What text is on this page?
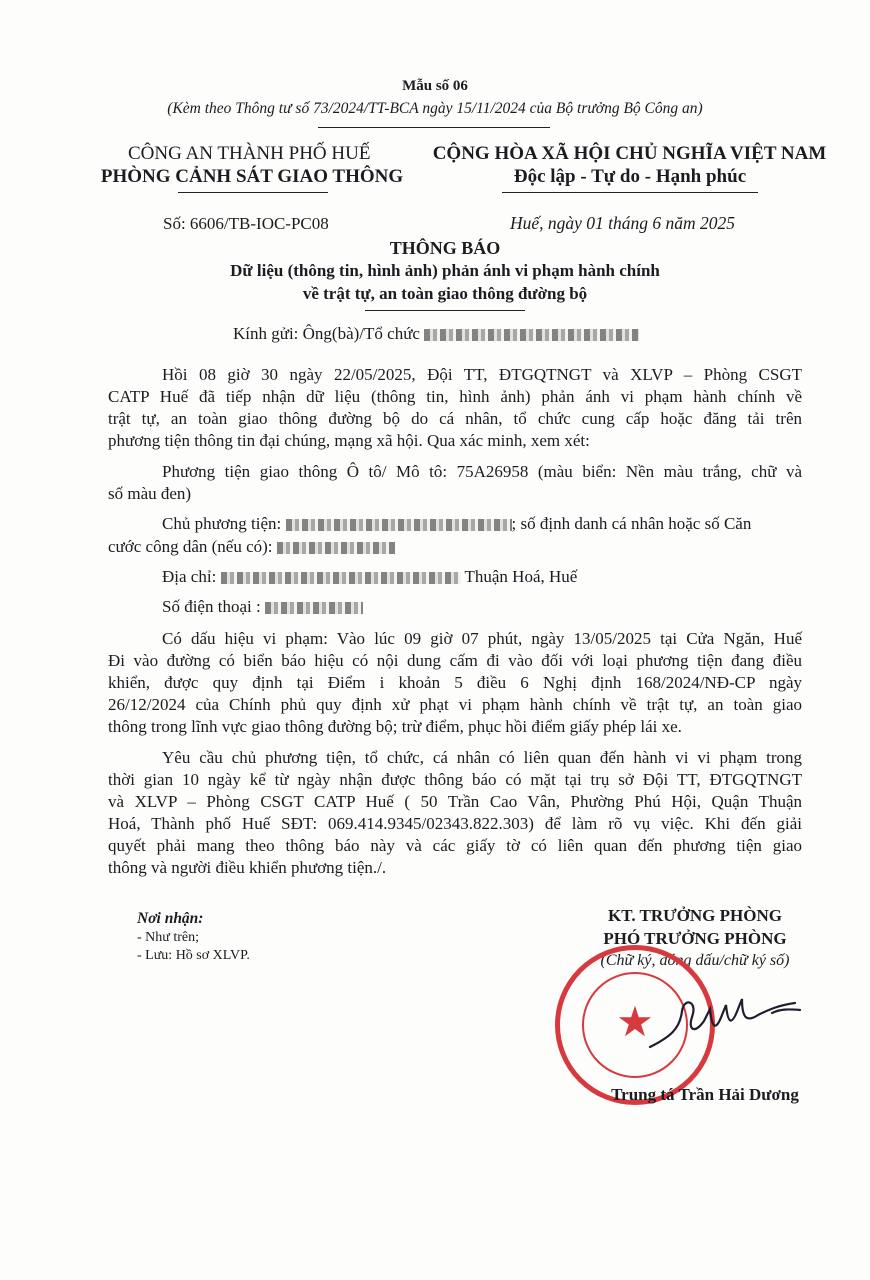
Mẫu số 06
(Kèm theo Thông tư số 73/2024/TT-BCA ngày 15/11/2024 của Bộ trưởng Bộ Công an)
CÔNG AN THÀNH PHỐ HUẾ
PHÒNG CẢNH SÁT GIAO THÔNG
CỘNG HÒA XÃ HỘI CHỦ NGHĨA VIỆT NAM
Độc lập - Tự do - Hạnh phúc
Số: 6606/TB-IOC-PC08	Huế, ngày 01 tháng 6 năm 2025
THÔNG BÁO
Dữ liệu (thông tin, hình ảnh) phản ánh vi phạm hành chính
về trật tự, an toàn giao thông đường bộ
Kính gửi: Ông(bà)/Tổ chức
Hồi 08 giờ 30 ngày 22/05/2025, Đội TT, ĐTGQTNGT và XLVP – Phòng CSGT
CATP Huế đã tiếp nhận dữ liệu (thông tin, hình ảnh) phản ánh vi phạm hành chính về
trật tự, an toàn giao thông đường bộ do cá nhân, tổ chức cung cấp hoặc đăng tải trên
phương tiện thông tin đại chúng, mạng xã hội. Qua xác minh, xem xét:
Phương tiện giao thông Ô tô/ Mô tô: 75A26958 (màu biển: Nền màu trắng, chữ và
số màu đen)
Chủ phương tiện:	; số định danh cá nhân hoặc số Căn
cước công dân (nếu có):
Địa chỉ:	Thuận Hoá, Huế
Số điện thoại :
Có dấu hiệu vi phạm: Vào lúc 09 giờ 07 phút, ngày 13/05/2025 tại Cửa Ngăn, Huế
Đi vào đường có biển báo hiệu có nội dung cấm đi vào đối với loại phương tiện đang điều
khiển, được quy định tại Điểm i khoản 5 điều 6 Nghị định 168/2024/NĐ-CP ngày
26/12/2024 của Chính phủ quy định xử phạt vi phạm hành chính về trật tự, an toàn giao
thông trong lĩnh vực giao thông đường bộ; trừ điểm, phục hồi điểm giấy phép lái xe.
Yêu cầu chủ phương tiện, tổ chức, cá nhân có liên quan đến hành vi vi phạm trong
thời gian 10 ngày kể từ ngày nhận được thông báo có mặt tại trụ sở Đội TT, ĐTGQTNGT
và XLVP – Phòng CSGT CATP Huế ( 50 Trần Cao Vân, Phường Phú Hội, Quận Thuận
Hoá, Thành phố Huế SĐT: 069.414.9345/02343.822.303) để làm rõ vụ việc. Khi đến giải
quyết phải mang theo thông báo này và các giấy tờ có liên quan đến phương tiện giao
thông và người điều khiển phương tiện./.
Nơi nhận:
- Như trên;
- Lưu: Hồ sơ XLVP.
KT. TRƯỞNG PHÒNG
PHÓ TRƯỞNG PHÒNG
(Chữ ký, đóng dấu/chữ ký số)
★
Trung tá Trần Hải Dương
